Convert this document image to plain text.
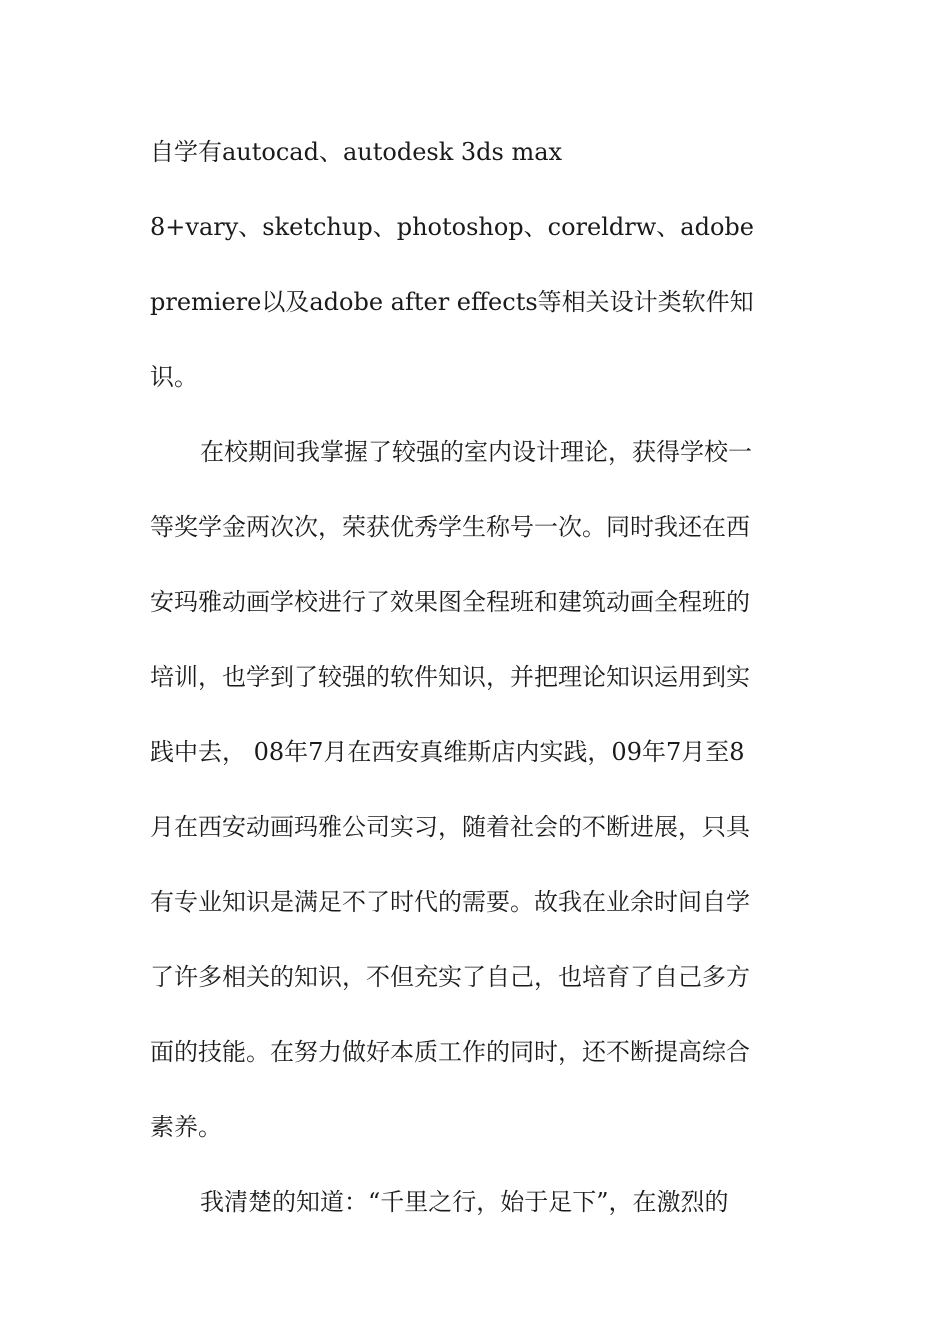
自学有autocad、autodesk 3ds max
8+vary、sketchup、photoshop、coreldrw、adobe
premiere以及adobe after effects等相关设计类软件知
识。
在校期间我掌握了较强的室内设计理论，获得学校一
等奖学金两次次，荣获优秀学生称号一次。同时我还在西
安玛雅动画学校进行了效果图全程班和建筑动画全程班的
培训，也学到了较强的软件知识，并把理论知识运用到实
践中去， 08年7月在西安真维斯店内实践，09年7月至8
月在西安动画玛雅公司实习，随着社会的不断进展，只具
有专业知识是满足不了时代的需要。故我在业余时间自学
了许多相关的知识，不但充实了自己，也培育了自己多方
面的技能。在努力做好本质工作的同时，还不断提高综合
素养。
我清楚的知道：“千里之行，始于足下”，在激烈的
